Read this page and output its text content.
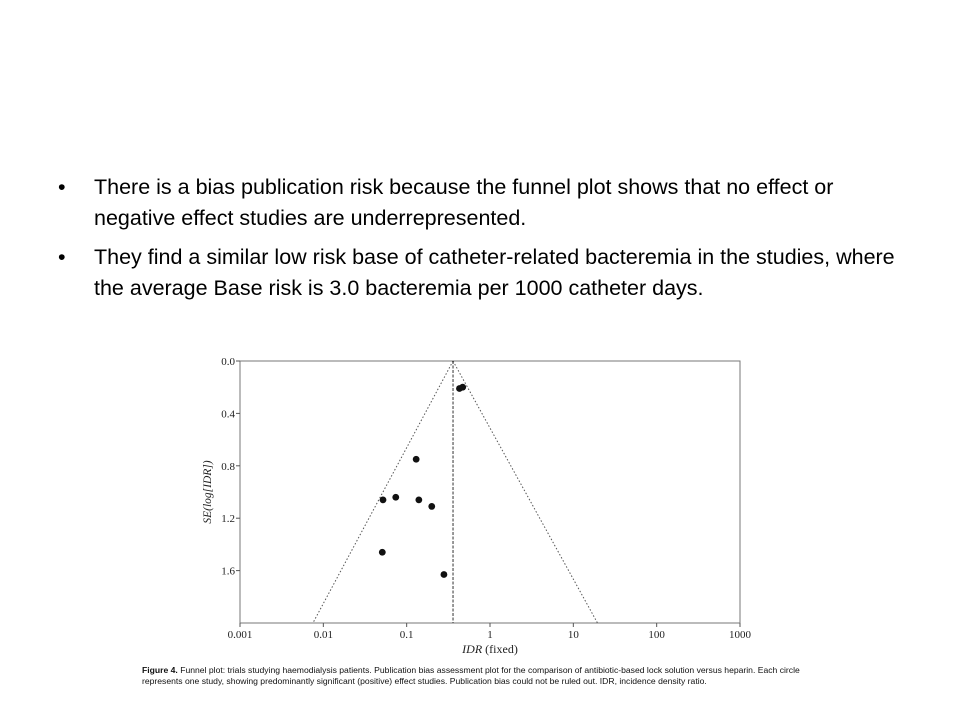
• There is a bias publication risk because the funnel plot shows that no effect or negative effect studies are underrepresented.
• They find a similar low risk base of catheter-related bacteremia in the studies, where the average Base risk is 3.0 bacteremia per 1000 catheter days.
0.001	0.01	0.1	1	10	100	1000
0.0
0.4
0.8
1.2
1.6
IDR (fixed)
SE(log[IDR])
Figure 4. Funnel plot: trials studying haemodialysis patients. Publication bias assessment plot for the comparison of antibiotic-based lock solution versus heparin. Each circle represents one study, showing predominantly significant (positive) effect studies. Publication bias could not be ruled out. IDR, incidence density ratio.
